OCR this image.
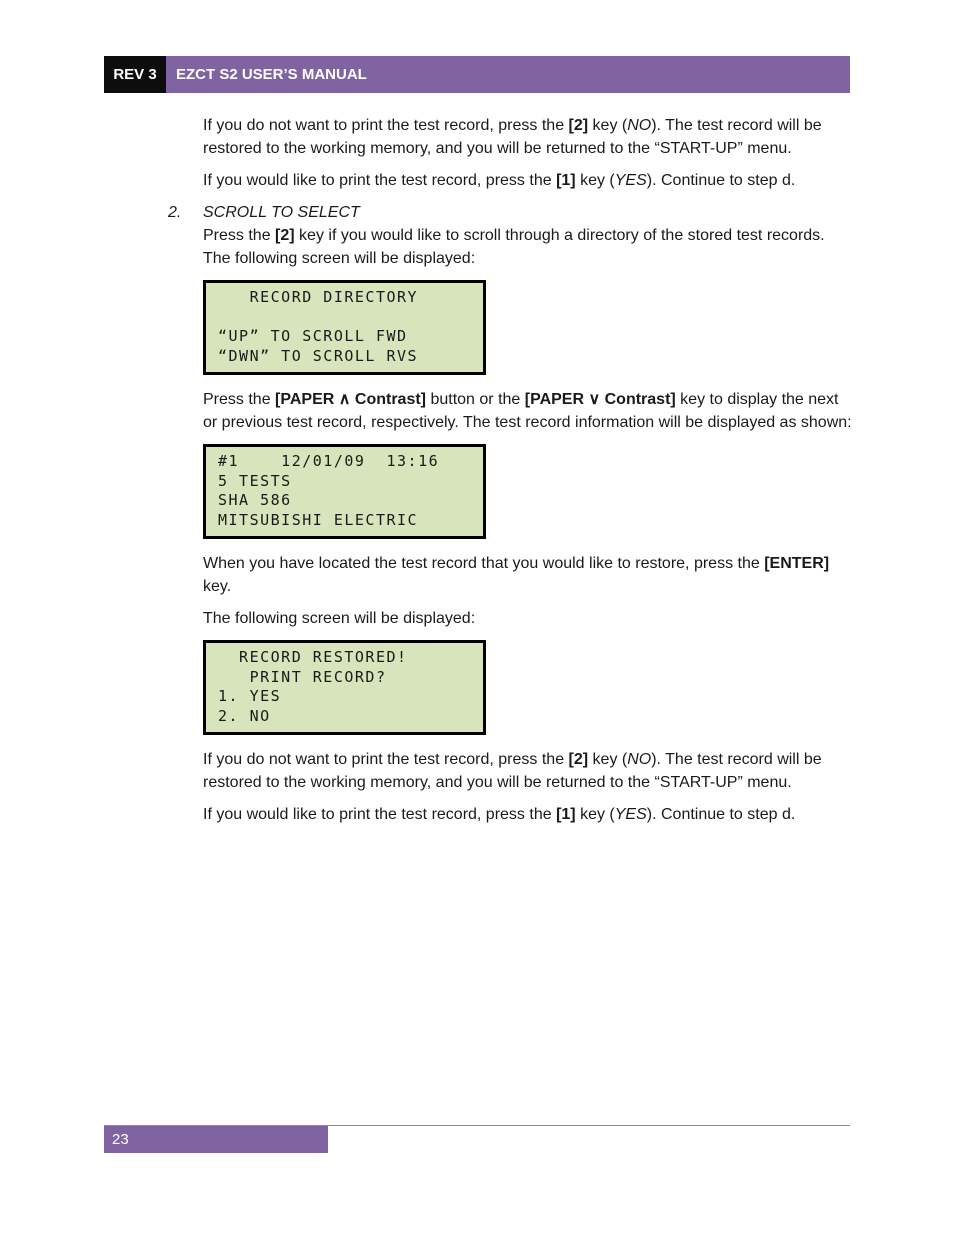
REV 3	EZCT S2 USER’S MANUAL

If you do not want to print the test record, press the [2] key (NO). The test record will be restored to the working memory, and you will be returned to the “START-UP” menu.

If you would like to print the test record, press the [1] key (YES). Continue to step d.

2. SCROLL TO SELECT
Press the [2] key if you would like to scroll through a directory of the stored test records. The following screen will be displayed:
RECORD DIRECTORY
“UP” TO SCROLL FWD
“DWN” TO SCROLL RVS

Press the [PAPER ∧ Contrast] button or the [PAPER ∨ Contrast] key to display the next or previous test record, respectively. The test record information will be displayed as shown:

#1    12/01/09  13:16
5 TESTS
SHA 586
MITSUBISHI ELECTRIC

When you have located the test record that you would like to restore, press the [ENTER] key.

The following screen will be displayed:

RECORD RESTORED!
PRINT RECORD?
1. YES
2. NO

If you do not want to print the test record, press the [2] key (NO). The test record will be restored to the working memory, and you will be returned to the “START-UP” menu.

If you would like to print the test record, press the [1] key (YES). Continue to step d.

23
